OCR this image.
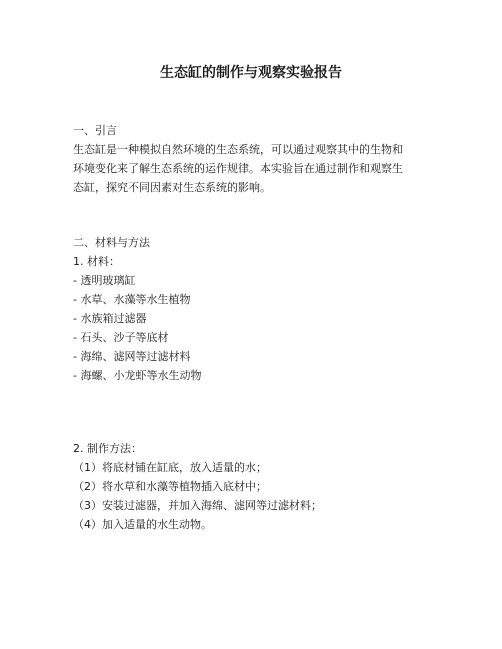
生态缸的制作与观察实验报告

一、引言

生态缸是一种模拟自然环境的生态系统，可以通过观察其中的生物和

环境变化来了解生态系统的运作规律。本实验旨在通过制作和观察生

态缸，探究不同因素对生态系统的影响。

二、材料与方法

1. 材料：

- 透明玻璃缸

- 水草、水藻等水生植物

- 水族箱过滤器

- 石头、沙子等底材

- 海绵、滤网等过滤材料

- 海螺、小龙虾等水生动物

2. 制作方法：

（1）将底材铺在缸底，放入适量的水；

（2）将水草和水藻等植物插入底材中；

（3）安装过滤器，并加入海绵、滤网等过滤材料；

（4）加入适量的水生动物。
